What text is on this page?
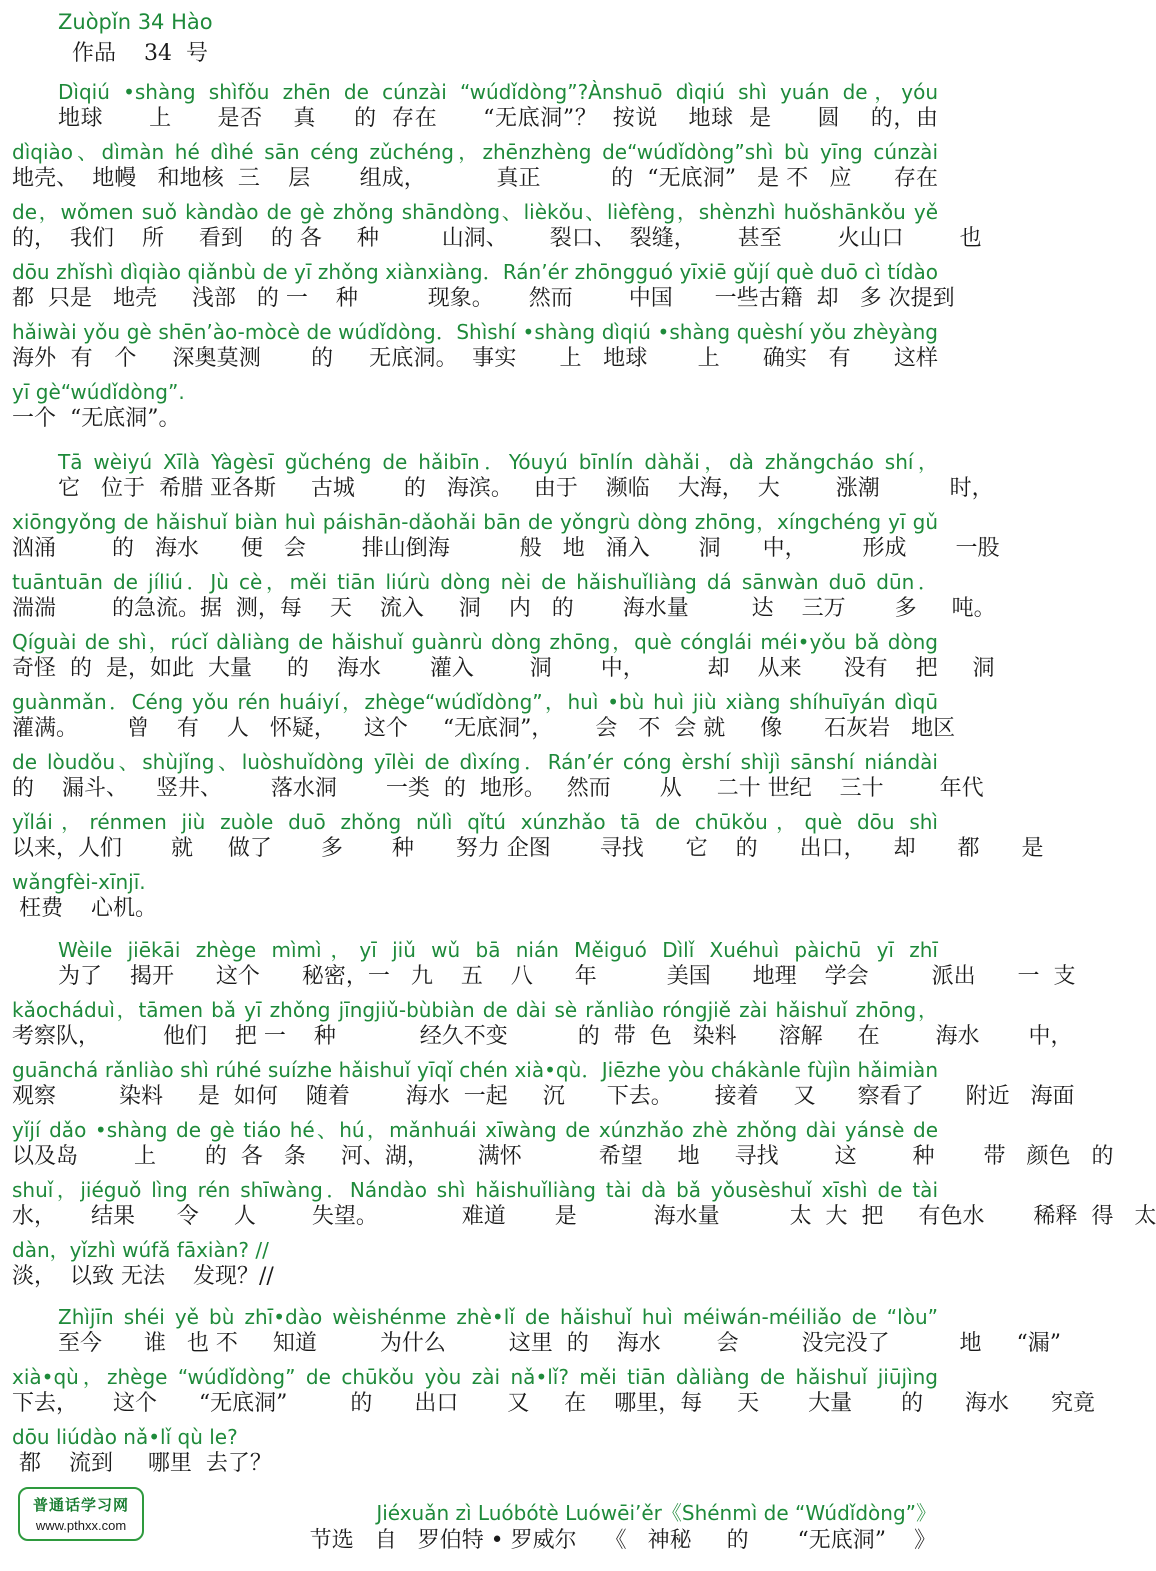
Zuòpǐn 34 Hào
作品    34  号
Dìqiú •shàng shìfǒu zhēn de cúnzài “wúdǐdòng”?Ànshuō dìqiú shì yuán de，yóu
地球      上      是否    真     的  存在      “无底洞”？  按说    地球  是      圆    的，由
dìqiào、dìmàn hé dìhé sān céng zǔchéng，zhēnzhèng de“wúdǐdòng”shì bù yīng cúnzài
地壳、  地幔   和地核  三    层       组成，          真正          的  “无底洞”   是 不   应      存在
de，wǒmen suǒ kàndào de gè zhǒng shāndòng、lièkǒu、lièfèng，shènzhì huǒshānkǒu yě
的，  我们    所     看到    的 各     种         山洞、      裂口、  裂缝，      甚至        火山口        也
dōu zhǐshì dìqiào qiǎnbù de yī zhǒng xiànxiàng．Rán’ér zhōngguó yīxiē gǔjí què duō cì tídào
都  只是   地壳     浅部   的 一    种          现象。     然而        中国      一些古籍  却   多 次提到
hǎiwài yǒu gè shēn’ào-mòcè de wúdǐdòng．Shìshí •shàng dìqiú •shàng quèshí yǒu zhèyàng
海外  有   个     深奥莫测       的     无底洞。  事实      上   地球       上      确实   有      这样
yī gè“wúdǐdòng”.
一个  “无底洞”。
Tā wèiyú Xīlà Yàgèsī gǔchéng de hǎibīn．Yóuyú bīnlín dàhǎi，dà zhǎngcháo shí，
它   位于  希腊 亚各斯     古城       的   海滨。   由于    濒临    大海，  大        涨潮          时，
xiōngyǒng de hǎishuǐ biàn huì páishān-dǎohǎi bān de yǒngrù dòng zhōng，xíngchéng yī gǔ
汹涌        的   海水      便   会        排山倒海          般   地   涌入       洞      中，        形成       一股
tuāntuān de jíliú．Jù cè，měi tiān liúrù dòng nèi de hǎishuǐliàng dá sānwàn duō dūn．
湍湍        的急流。据  测，每    天    流入     洞    内   的       海水量         达    三万       多     吨。
Qíguài de shì，rúcǐ dàliàng de hǎishuǐ guànrù dòng zhōng，què cónglái méi•yǒu bǎ dòng
奇怪  的  是，如此  大量     的    海水       灌入        洞       中，         却    从来      没有    把     洞
guànmǎn．Céng yǒu rén huáiyí，zhège“wúdǐdòng”，huì •bù huì jiù xiàng shíhuīyán dìqū
灌满。       曾    有    人   怀疑，    这个     “无底洞”，      会   不  会 就     像      石灰岩   地区
de lòudǒu、shùjǐng、luòshuǐdòng yīlèi de dìxíng．Rán’ér cóng èrshí shìjì sānshí niándài
的    漏斗、    竖井、       落水洞       一类  的  地形。   然而       从     二十 世纪    三十        年代
yǐlái，rénmen jiù zuòle duō zhǒng nǔlì qǐtú xúnzhǎo tā de chūkǒu，què dōu shì
以来，人们       就     做了       多       种      努力 企图       寻找      它    的      出口，    却      都      是
wǎngfèi-xīnjī.
枉费    心机。
Wèile jiēkāi zhège mìmì，yī jiǔ wǔ bā nián Měiguó Dìlǐ Xuéhuì pàichū yī zhī
为了    揭开      这个      秘密，一   九    五    八      年          美国      地理    学会         派出      一  支
kǎocháduì，tāmen bǎ yī zhǒng jīngjiǔ-bùbiàn de dài sè rǎnliào róngjiě zài hǎishuǐ zhōng，
考察队，         他们    把 一    种            经久不变          的  带  色   染料      溶解     在        海水       中，
guānchá rǎnliào shì rúhé suízhe hǎishuǐ yīqǐ chén xià•qù．Jiēzhe yòu chákànle fùjìn hǎimiàn
观察         染料     是  如何    随着        海水  一起     沉      下去。      接着     又      察看了      附近   海面
yǐjí dǎo •shàng de gè tiáo hé、hú，mǎnhuái xīwàng de xúnzhǎo zhè zhǒng dài yánsè de
以及岛        上       的  各   条     河、湖，       满怀           希望     地     寻找        这        种       带   颜色   的
shuǐ，jiéguǒ lìng rén shīwàng．Nándào shì hǎishuǐliàng tài dà bǎ yǒusèshuǐ xīshì de tài
水，     结果      令     人        失望。            难道       是           海水量          太  大  把     有色水       稀释  得   太
dàn，yǐzhì wúfǎ fāxiàn? //
淡，  以致 无法    发现？//
Zhìjīn shéi yě bù zhī•dào wèishénme zhè•lǐ de hǎishuǐ huì méiwán-méiliǎo de “lòu”
至今      谁   也 不     知道         为什么         这里  的    海水        会         没完没了          地     “漏”
xià•qù，zhège “wúdǐdòng” de chūkǒu yòu zài nǎ•lǐ? měi tiān dàliàng de hǎishuǐ jiūjìng
下去，     这个      “无底洞”         的      出口       又     在    哪里，每     天       大量       的      海水      究竟
dōu liúdào nǎ•lǐ qù le?
都    流到     哪里  去了？
Jiéxuǎn zì Luóbótè Luówēi’ěr《Shénmì de “Wúdǐdòng”》
节选   自   罗伯特 • 罗威尔    《   神秘     的       “无底洞”    》
普通话学习网
www.pthxx.com
